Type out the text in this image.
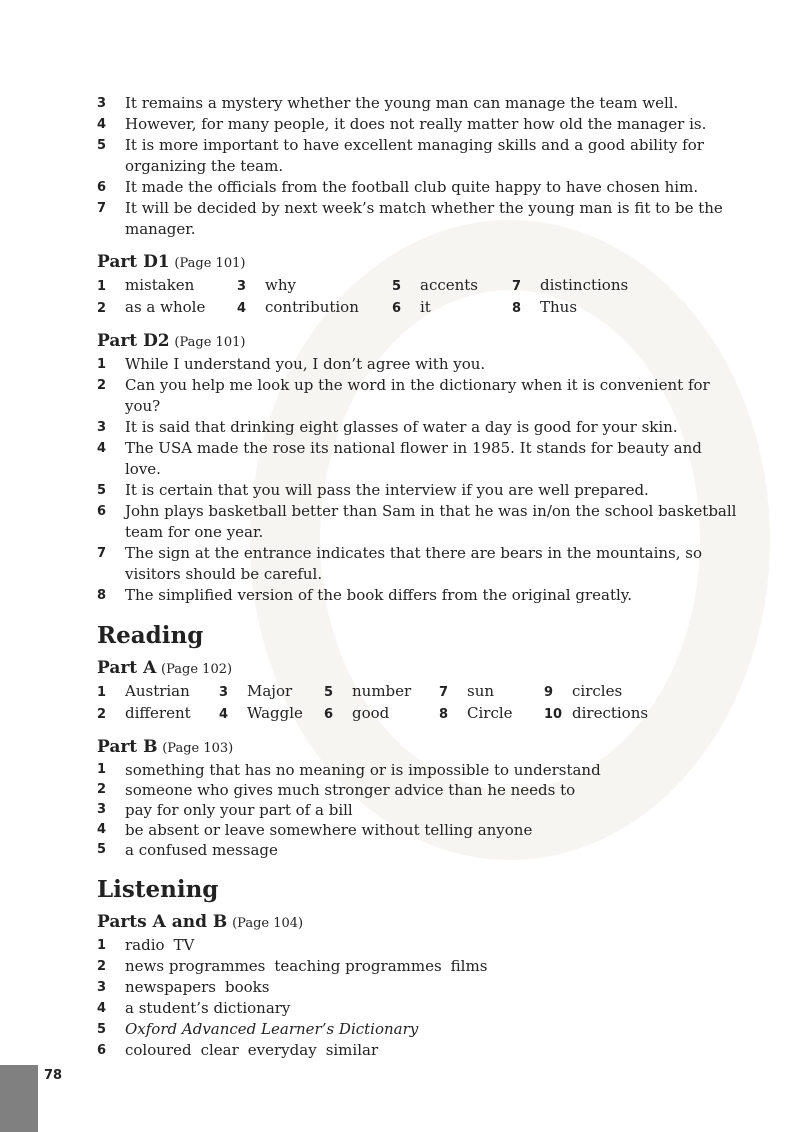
3	It remains a mystery whether the young man can manage the team well.
4	However, for many people, it does not really matter how old the manager is.
5	It is more important to have excellent managing skills and a good ability for organizing the team.
6	It made the officials from the football club quite happy to have chosen him.
7	It will be decided by next week’s match whether the young man is fit to be the manager.
Part D1 (Page 101)
1 mistaken	3 why	5 accents	7 distinctions
2 as a whole	4 contribution	6 it	8 Thus
Part D2 (Page 101)
1	While I understand you, I don’t agree with you.
2	Can you help me look up the word in the dictionary when it is convenient for you?
3	It is said that drinking eight glasses of water a day is good for your skin.
4	The USA made the rose its national flower in 1985. It stands for beauty and love.
5	It is certain that you will pass the interview if you are well prepared.
6	John plays basketball better than Sam in that he was in/on the school basketball team for one year.
7	The sign at the entrance indicates that there are bears in the mountains, so visitors should be careful.
8	The simplified version of the book differs from the original greatly.
Reading
Part A (Page 102)
1 Austrian	3 Major	5 number	7 sun	9 circles
2 different	4 Waggle	6 good	8 Circle	10 directions
Part B (Page 103)
1	something that has no meaning or is impossible to understand
2	someone who gives much stronger advice than he needs to
3	pay for only your part of a bill
4	be absent or leave somewhere without telling anyone
5	a confused message
Listening
Parts A and B (Page 104)
1	radio TV
2	news programmes teaching programmes films
3	newspapers books
4	a student’s dictionary
5	Oxford Advanced Learner’s Dictionary
6	coloured clear everyday similar
78
